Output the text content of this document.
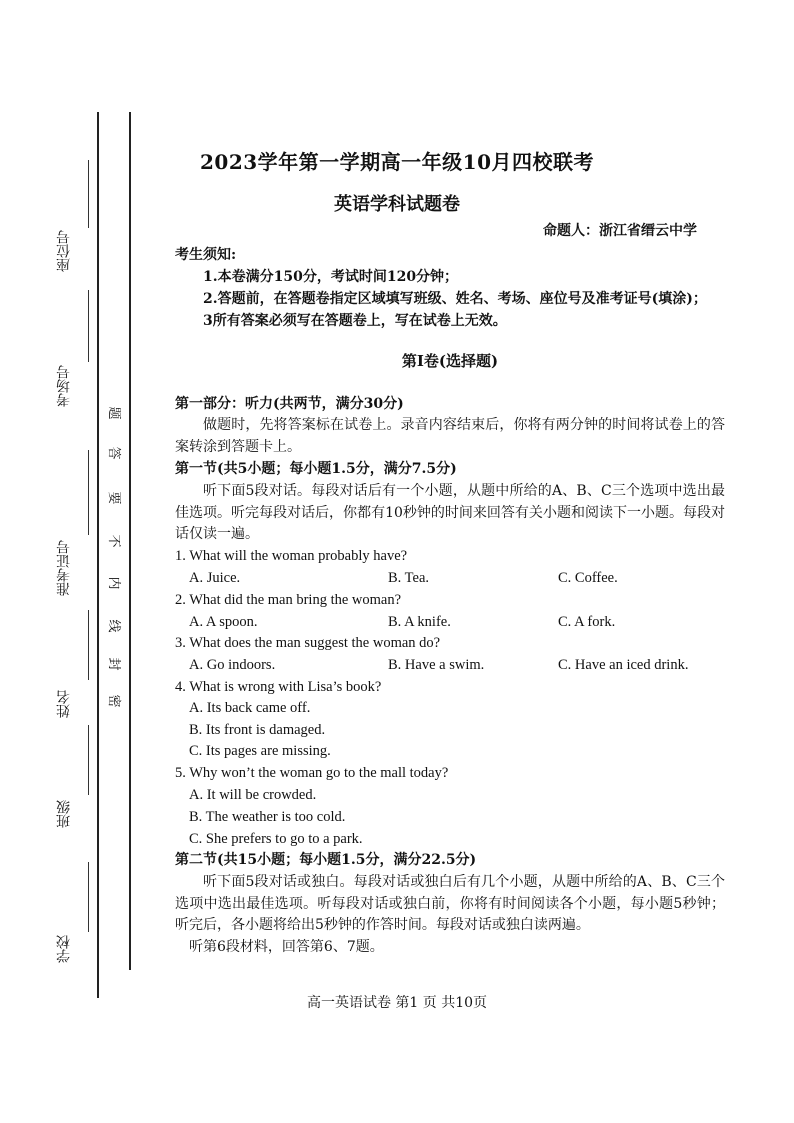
座位号
考场号
准考证号
姓名
班级
学校
题
答
要
不
内
线
封
密
2023学年第一学期高一年级10月四校联考
英语学科试题卷
命题人：浙江省缙云中学
考生须知:
1.本卷满分150分，考试时间120分钟；
2.答题前，在答题卷指定区域填写班级、姓名、考场、座位号及准考证号(填涂)；
3所有答案必须写在答题卷上，写在试卷上无效。
第Ⅰ卷(选择题)
第一部分：听力(共两节，满分30分)
做题时，先将答案标在试卷上。录音内容结束后，你将有两分钟的时间将试卷上的答案转涂到答题卡上。
第一节(共5小题；每小题1.5分，满分7.5分)
听下面5段对话。每段对话后有一个小题，从题中所给的A、B、C三个选项中选出最佳选项。听完每段对话后，你都有10秒钟的时间来回答有关小题和阅读下一小题。每段对话仅读一遍。
1. What will the woman probably have?
A. Juice.	B. Tea.	C. Coffee.
2. What did the man bring the woman?
A. A spoon.	B. A knife.	C. A fork.
3. What does the man suggest the woman do?
A. Go indoors.	B. Have a swim.	C. Have an iced drink.
4. What is wrong with Lisa’s book?
A. Its back came off.
B. Its front is damaged.
C. Its pages are missing.
5. Why won’t the woman go to the mall today?
A. It will be crowded.
B. The weather is too cold.
C. She prefers to go to a park.
第二节(共15小题；每小题1.5分，满分22.5分)
听下面5段对话或独白。每段对话或独白后有几个小题，从题中所给的A、B、C三个选项中选出最佳选项。听每段对话或独白前，你将有时间阅读各个小题，每小题5秒钟；听完后，各小题将给出5秒钟的作答时间。每段对话或独白读两遍。
听第6段材料，回答第6、7题。
高一英语试卷 第1 页 共10页
